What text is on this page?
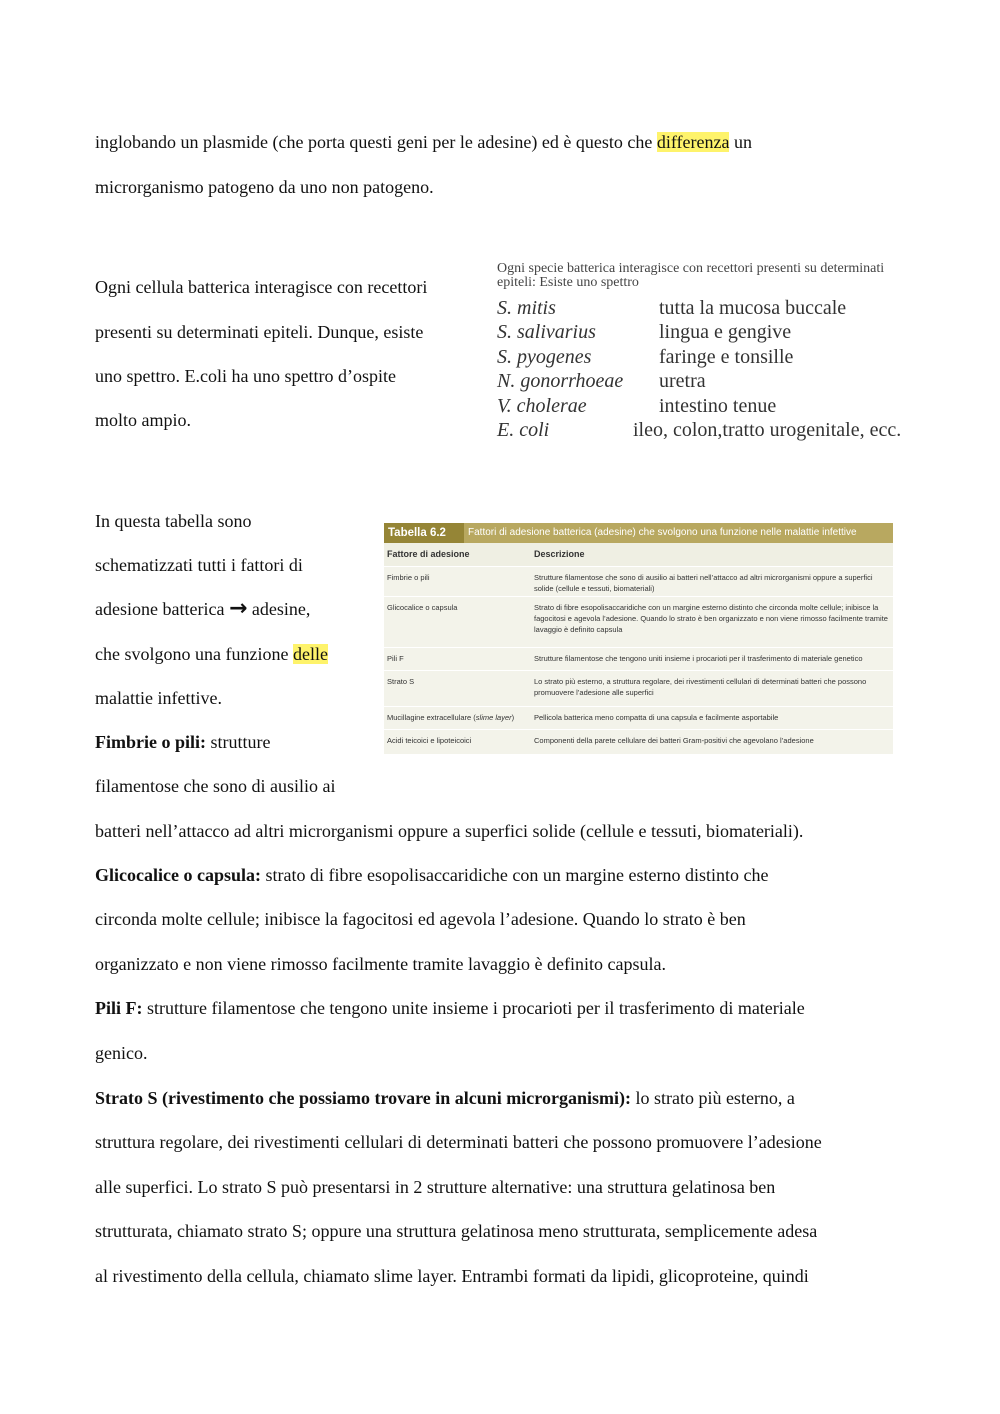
inglobando un plasmide (che porta questi geni per le adesine) ed è questo che differenza un
microrganismo patogeno da uno non patogeno.
Ogni cellula batterica interagisce con recettori
presenti su determinati epiteli. Dunque, esiste
uno spettro. E.coli ha uno spettro d’ospite
molto ampio.
Ogni specie batterica interagisce con recettori presenti su determinati epiteli: Esiste uno spettro
S. mitis	tutta la mucosa buccale
S. salivarius	lingua e gengive
S. pyogenes	faringe e tonsille
N. gonorrhoeae uretra
V. cholerae	intestino tenue
E. coli	ileo, colon,tratto urogenitale, ecc.
In questa tabella sono
schematizzati tutti i fattori di
adesione batterica → adesine,
che svolgono una funzione delle
malattie infettive.
Fimbrie o pili: strutture
filamentose che sono di ausilio ai
Tabella 6.2	Fattori di adesione batterica (adesine) che svolgono una funzione nelle malattie infettive
Fattore di adesione	Descrizione
Fimbrie o pili	Strutture filamentose che sono di ausilio ai batteri nell’attacco ad altri microrganismi oppure a superfici solide (cellule e tessuti, biomateriali)
Glicocalice o capsula	Strato di fibre esopolisaccaridiche con un margine esterno distinto che circonda molte cellule; inibisce la fagocitosi e agevola l’adesione. Quando lo strato è ben organizzato e non viene rimosso facilmente tramite lavaggio è definito capsula
Pili F	Strutture filamentose che tengono uniti insieme i procarioti per il trasferimento di materiale genetico
Strato S	Lo strato più esterno, a struttura regolare, dei rivestimenti cellulari di determinati batteri che possono promuovere l’adesione alle superfici
Mucillagine extracellulare (slime layer)	Pellicola batterica meno compatta di una capsula e facilmente asportabile
Acidi teicoici e lipoteicoici	Componenti della parete cellulare dei batteri Gram-positivi che agevolano l’adesione
batteri nell’attacco ad altri microrganismi oppure a superfici solide (cellule e tessuti, biomateriali).
Glicocalice o capsula: strato di fibre esopolisaccaridiche con un margine esterno distinto che
circonda molte cellule; inibisce la fagocitosi ed agevola l’adesione. Quando lo strato è ben
organizzato e non viene rimosso facilmente tramite lavaggio è definito capsula.
Pili F: strutture filamentose che tengono unite insieme i procarioti per il trasferimento di materiale
genico.
Strato S (rivestimento che possiamo trovare in alcuni microrganismi): lo strato più esterno, a
struttura regolare, dei rivestimenti cellulari di determinati batteri che possono promuovere l’adesione
alle superfici. Lo strato S può presentarsi in 2 strutture alternative: una struttura gelatinosa ben
strutturata, chiamato strato S; oppure una struttura gelatinosa meno strutturata, semplicemente adesa
al rivestimento della cellula, chiamato slime layer. Entrambi formati da lipidi, glicoproteine, quindi
